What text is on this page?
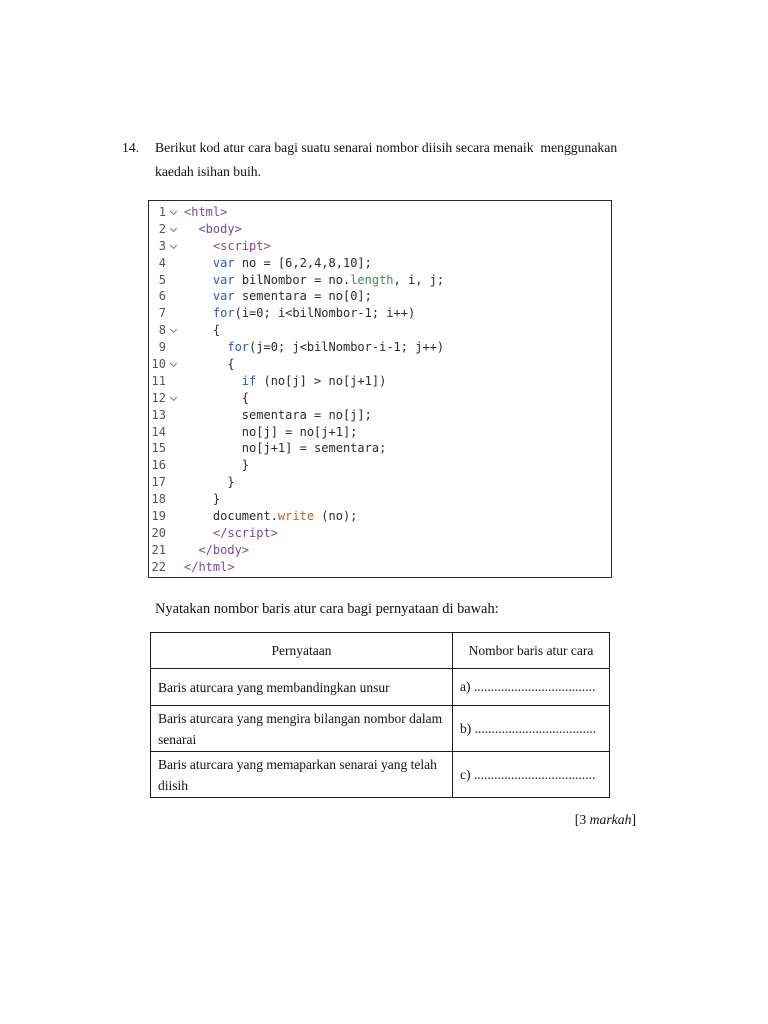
14. Berikut kod atur cara bagi suatu senarai nombor diisih secara menaik  menggunakan kaedah isihan buih.
1 <html>
2	<body>
3	<script>
4	var no = [6,2,4,8,10];
5	var bilNombor = no.length, i, j;
6	var sementara = no[0];
7	for(i=0; i<bilNombor-1; i++)
8 {
9	for(j=0; j<bilNombor-i-1; j++)
10 {
11	if (no[j] > no[j+1])
12 {
13 sementara = no[j];
14 no[j] = no[j+1];
15 no[j+1] = sementara;
16 }
17 }
18 }
19 document.write (no);
20	</script>
21	</body>
22 </html>
Nyatakan nombor baris atur cara bagi pernyataan di bawah:
Pernyataan	Nombor baris atur cara
Baris aturcara yang membandingkan unsur	a) ....................................
Baris aturcara yang mengira bilangan nombor dalam senarai	b) ....................................
Baris aturcara yang memaparkan senarai yang telah diisih	c) ....................................
[3 markah]
